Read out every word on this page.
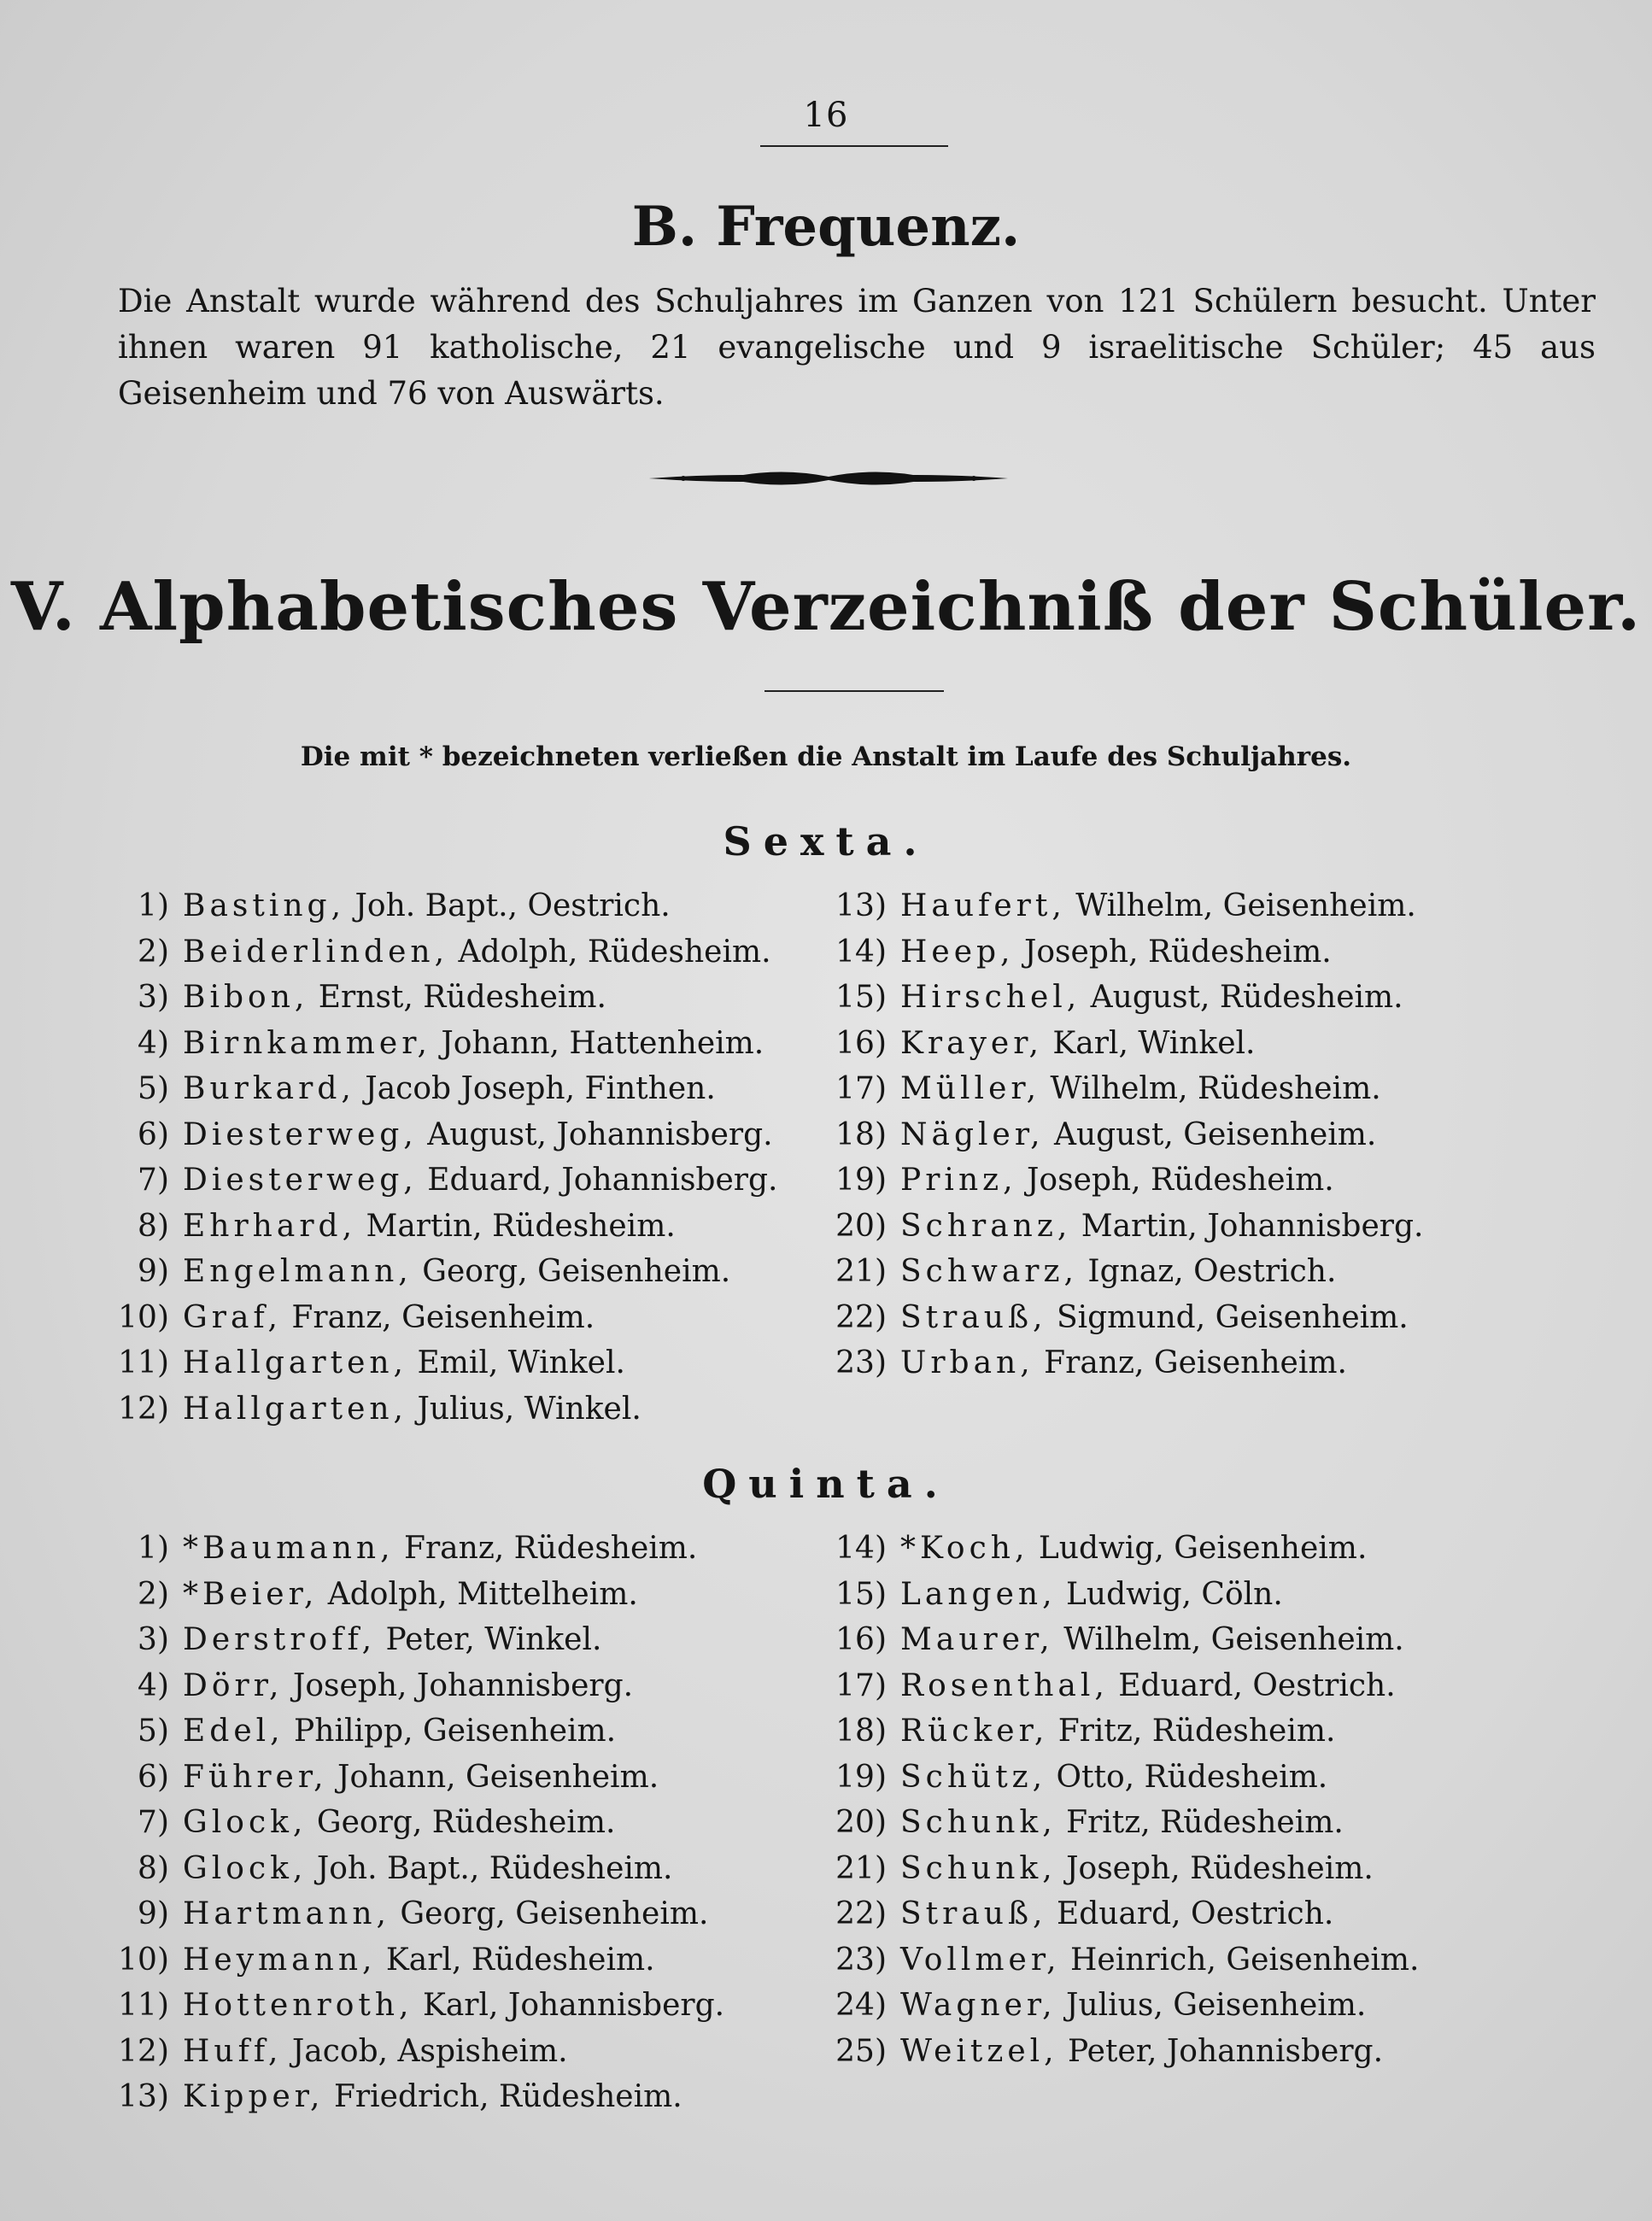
16
B. Frequenz.
Die Anstalt wurde während des Schuljahres im Ganzen von 121 Schülern besucht. Unter ihnen waren 91 katholische, 21 evangelische und 9 israelitische Schüler; 45 aus Geisenheim und 76 von Auswärts.
V. Alphabetisches Verzeichniß der Schüler.
Die mit * bezeichneten verließen die Anstalt im Laufe des Schuljahres.
Sexta.
1) Basting,
Joh. Bapt., Oestrich.
2) Beiderlinden,
Adolph, Rüdesheim.
3) Bibon,
Ernst, Rüdesheim.
4) Birnkammer,
Johann, Hattenheim.
5) Burkard,
Jacob Joseph, Finthen.
6) Diesterweg,
August, Johannisberg.
7) Diesterweg,
Eduard, Johannisberg.
8) Ehrhard,
Martin, Rüdesheim.
9) Engelmann,
Georg, Geisenheim.
10) Graf,
Franz, Geisenheim.
11) Hallgarten,
Emil, Winkel.
12) Hallgarten,
Julius, Winkel.
13) Haufert,
Wilhelm, Geisenheim.
14) Heep,
Joseph, Rüdesheim.
15) Hirschel,
August, Rüdesheim.
16) Krayer,
Karl, Winkel.
17) Müller,
Wilhelm, Rüdesheim.
18) Nägler,
August, Geisenheim.
19) Prinz,
Joseph, Rüdesheim.
20) Schranz,
Martin, Johannisberg.
21) Schwarz,
Ignaz, Oestrich.
22) Strauß,
Sigmund, Geisenheim.
23) Urban,
Franz, Geisenheim.
Quinta.
1) *Baumann,
Franz, Rüdesheim.
2) *Beier,
Adolph, Mittelheim.
3) Derstroff,
Peter, Winkel.
4) Dörr,
Joseph, Johannisberg.
5) Edel,
Philipp, Geisenheim.
6) Führer,
Johann, Geisenheim.
7) Glock,
Georg, Rüdesheim.
8) Glock,
Joh. Bapt., Rüdesheim.
9) Hartmann,
Georg, Geisenheim.
10) Heymann,
Karl, Rüdesheim.
11) Hottenroth,
Karl, Johannisberg.
12) Huff,
Jacob, Aspisheim.
13) Kipper,
Friedrich, Rüdesheim.
14) *Koch,
Ludwig, Geisenheim.
15) Langen,
Ludwig, Cöln.
16) Maurer,
Wilhelm, Geisenheim.
17) Rosenthal,
Eduard, Oestrich.
18) Rücker,
Fritz, Rüdesheim.
19) Schütz,
Otto, Rüdesheim.
20) Schunk,
Fritz, Rüdesheim.
21) Schunk,
Joseph, Rüdesheim.
22) Strauß,
Eduard, Oestrich.
23) Vollmer,
Heinrich, Geisenheim.
24) Wagner,
Julius, Geisenheim.
25) Weitzel,
Peter, Johannisberg.
